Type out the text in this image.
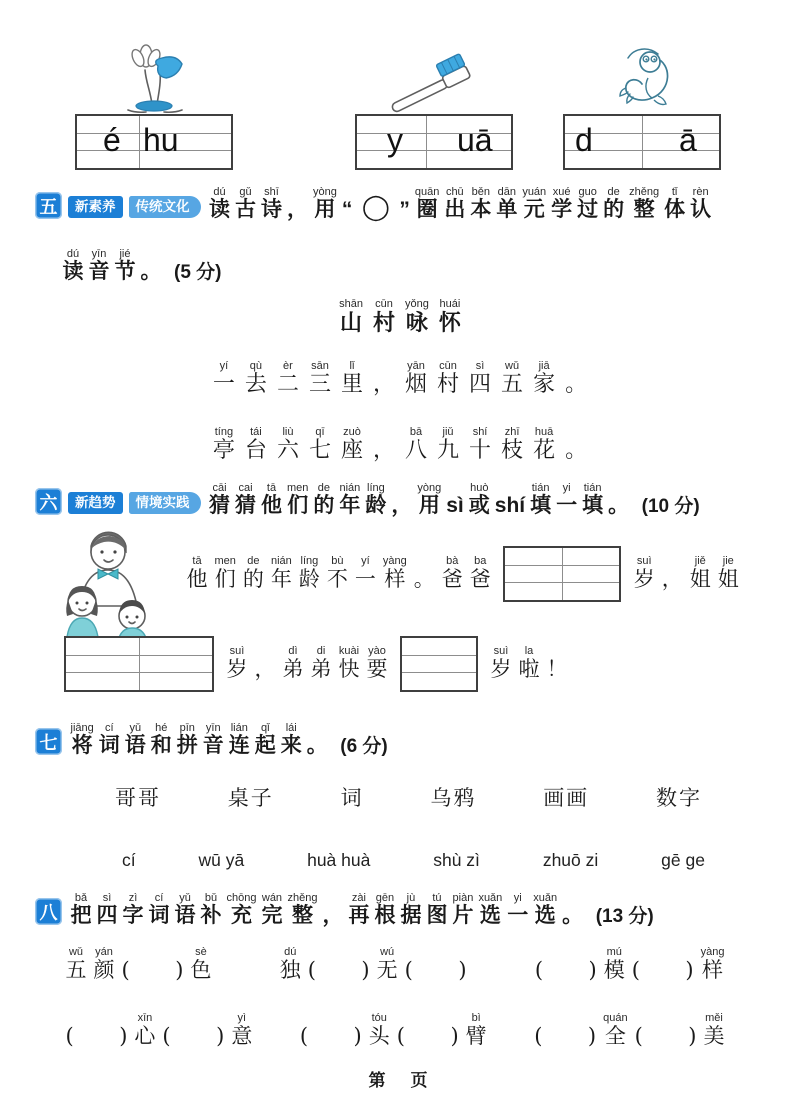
é hu	y uā	d	ā
五	新素养	传统文化 读dú古gǔ诗shī， 用yòng“ ◯ ” 圈quān出chū本běn单dān元yuán学xué过guo的de整zhěng体tǐ认rèn
读dú音yīn节jié。 (5 分)
山shān村cūn咏yǒng怀huái
一yí去qù二èr三sān里lǐ， 烟yān村cūn四sì五wǔ家jiā。
亭tíng台tái六liù七qī座zuò， 八bā九jiǔ十shí枝zhī花huā。
六	新趋势	情境实践 猜cāi猜cai他tā们men的de年nián龄líng， 用yòngsì 或huòshí 填tián一yi填tián。 (10 分)
他tā们men的de年nián龄líng不bù一yí样yàng。 爸bà爸ba
岁suì， 姐jiě姐jie
岁suì， 弟dì弟di快kuài要yào
岁suì啦la！
七 将jiāng词cí语yǔ和hé拼pīn音yīn连lián起qǐ来lái。 (6 分)
哥哥	桌子	词	乌鸦	画画	数字
cí	wū yā	huà huà	shù zì	zhuō zi	gē ge
八 把bǎ四sì字zì词cí语yǔ补bǔ充chōng完wán整zhěng， 再zài根gēn据jù图tú片piàn选xuǎn一yi选xuǎn。 (13 分)
五wǔ颜yán(   ) 色sè
独dú(   ) 无wú(   )	(   ) 模mú(   ) 样yàng
(   ) 心xīn(   ) 意yì
(   ) 头tóu(   ) 臂bì
(   ) 全quán(   ) 美měi
第　页
